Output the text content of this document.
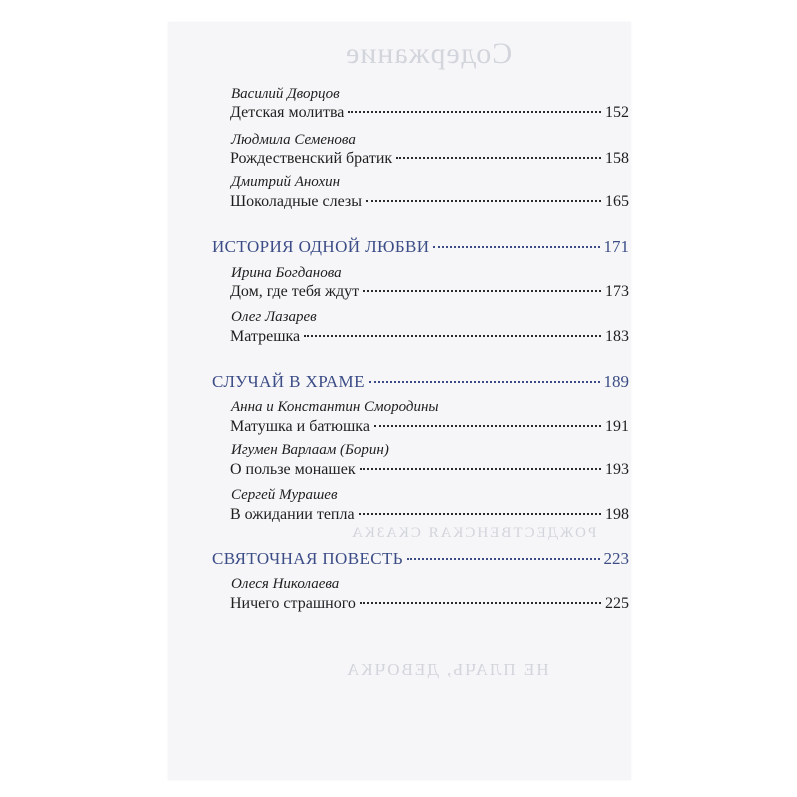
Содержание
РОЖДЕСТВЕНСКАЯ СКАЗКА
НЕ ПЛАЧЬ, ДЕВОЧКА
Василий Дворцов
Детская молитва	152
Людмила Семенова
Рождественский братик	158
Дмитрий Анохин
Шоколадные слезы	165
ИСТОРИЯ ОДНОЙ ЛЮБВИ	171
Ирина Богданова
Дом, где тебя ждут	173
Олег Лазарев
Матрешка	183
СЛУЧАЙ В ХРАМЕ	189
Анна и Константин Смородины
Матушка и батюшка	191
Игумен Варлаам (Борин)
О пользе монашек	193
Сергей Мурашев
В ожидании тепла	198
СВЯТОЧНАЯ ПОВЕСТЬ	223
Олеся Николаева
Ничего страшного	225
